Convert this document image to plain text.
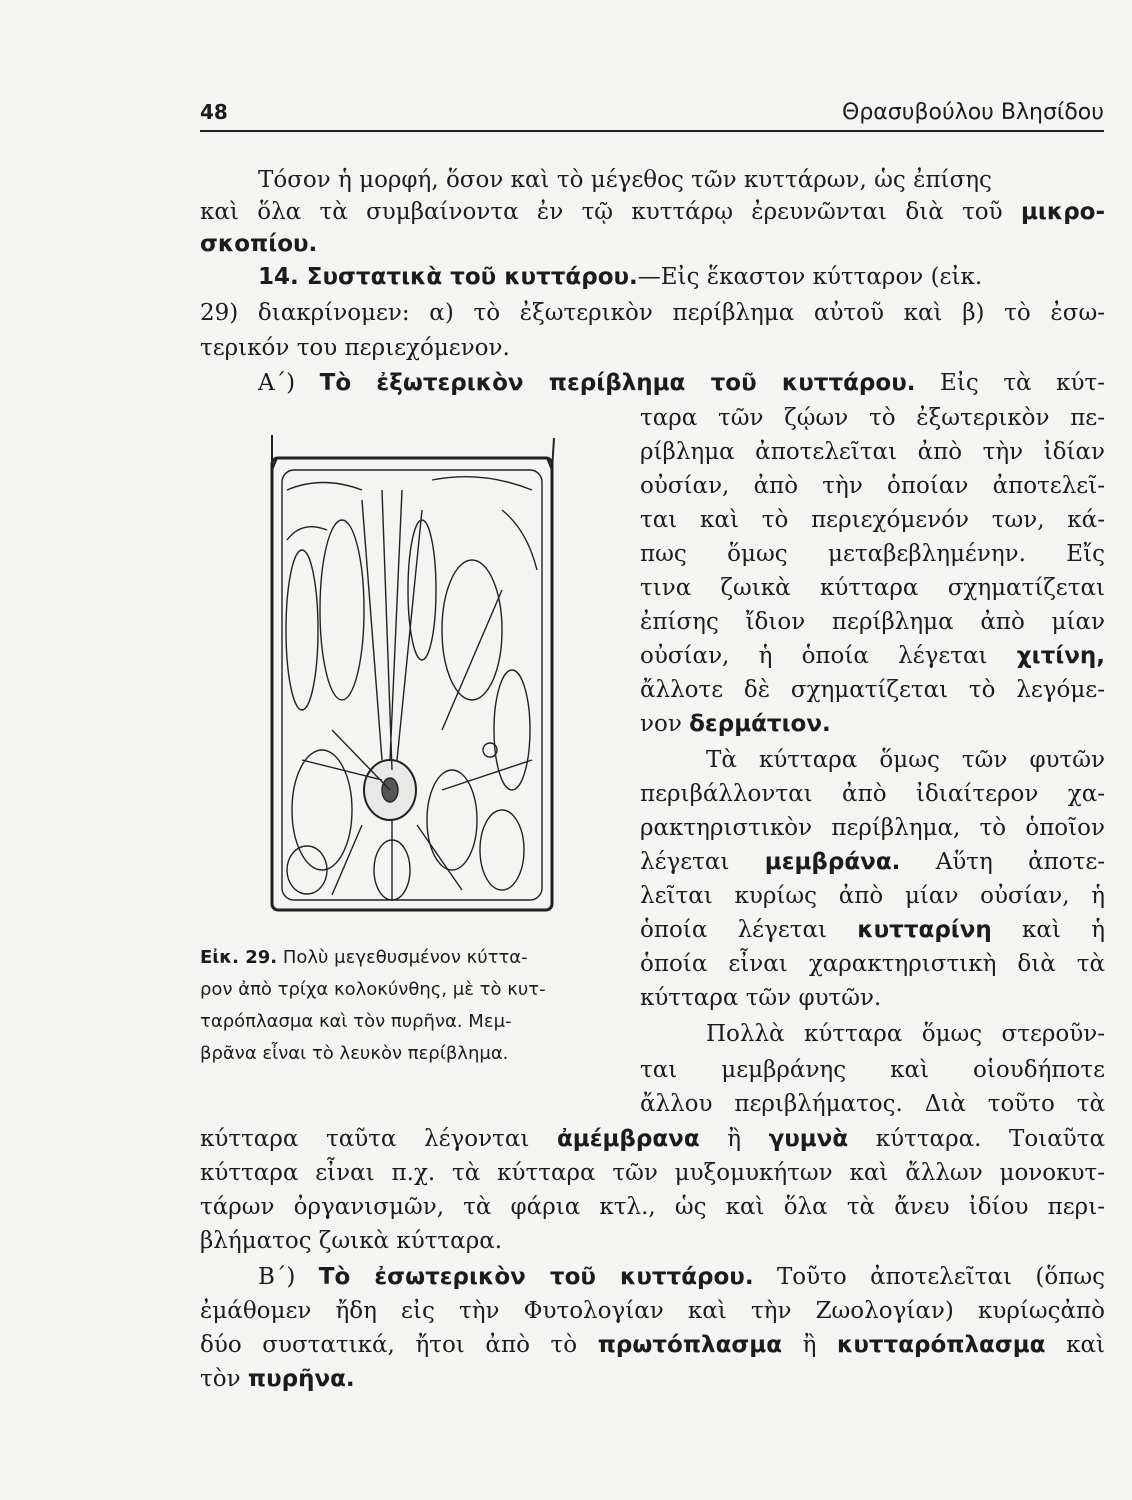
48	Θρασυβούλου Βλησίδου
Τόσον ἡ μορφή, ὅσον καὶ τὸ μέγεθος τῶν κυττάρων, ὡς ἐπίσης
καὶ ὅλα τὰ συμβαίνοντα ἐν τῷ κυττάρῳ ἐρευνῶνται διὰ τοῦ μικρο-
σκοπίου.
14. Συστατικὰ τοῦ κυττάρου.—Εἰς ἕκαστον κύτταρον (εἰκ.
29) διακρίνομεν: α) τὸ ἐξωτερικὸν περίβλημα αὐτοῦ καὶ β) τὸ ἐσω-
τερικόν του περιεχόμενον.
Α΄) Τὸ ἐξωτερικὸν περίβλημα τοῦ κυττάρου. Εἰς τὰ κύτ-
ταρα τῶν ζῴων τὸ ἐξωτερικὸν πε-
ρίβλημα ἀποτελεῖται ἀπὸ τὴν ἰδίαν
οὐσίαν, ἀπὸ τὴν ὁποίαν ἀποτελεῖ-
ται καὶ τὸ περιεχόμενόν των, κά-
πως ὅμως μεταβεβλημένην. Εἴς
τινα ζωικὰ κύτταρα σχηματίζεται
ἐπίσης ἴδιον περίβλημα ἀπὸ μίαν
οὐσίαν, ἡ ὁποία λέγεται χιτίνη,
ἄλλοτε δὲ σχηματίζεται τὸ λεγόμε-
νον δερμάτιον.
Τὰ κύτταρα ὅμως τῶν φυτῶν
περιβάλλονται ἀπὸ ἰδιαίτερον χα-
ρακτηριστικὸν περίβλημα, τὸ ὁποῖον
λέγεται μεμβράνα. Αὕτη ἀποτε-
λεῖται κυρίως ἀπὸ μίαν οὐσίαν, ἡ
ὁποία λέγεται κυτταρίνη καὶ ἡ
ὁποία εἶναι χαρακτηριστικὴ διὰ τὰ
κύτταρα τῶν φυτῶν.
Πολλὰ κύτταρα ὅμως στεροῦν-
ται μεμβράνης καὶ οἱουδήποτε
ἄλλου περιβλήματος. Διὰ τοῦτο τὰ
Εἰκ. 29. Πολὺ μεγεθυσμένον κύττα-
ρον ἀπὸ τρίχα κολοκύνθης, μὲ τὸ κυτ-
ταρόπλασμα καὶ τὸν πυρῆνα. Μεμ-
βρᾶνα εἶναι τὸ λευκὸν περίβλημα.
κύτταρα ταῦτα λέγονται ἀμέμβρανα ἢ γυμνὰ κύτταρα. Τοιαῦτα
κύτταρα εἶναι π.χ. τὰ κύτταρα τῶν μυξομυκήτων καὶ ἄλλων μονοκυτ-
τάρων ὀργανισμῶν, τὰ φάρια κτλ., ὡς καὶ ὅλα τὰ ἄνευ ἰδίου περι-
βλήματος ζωικὰ κύτταρα.
Β΄) Τὸ ἐσωτερικὸν τοῦ κυττάρου. Τοῦτο ἀποτελεῖται (ὅπως
ἐμάθομεν ἤδη εἰς τὴν Φυτολογίαν καὶ τὴν Ζωολογίαν) κυρίωςἀπὸ
δύο συστατικά, ἤτοι ἀπὸ τὸ πρωτόπλασμα ἢ κυτταρόπλασμα καὶ
τὸν πυρῆνα.
